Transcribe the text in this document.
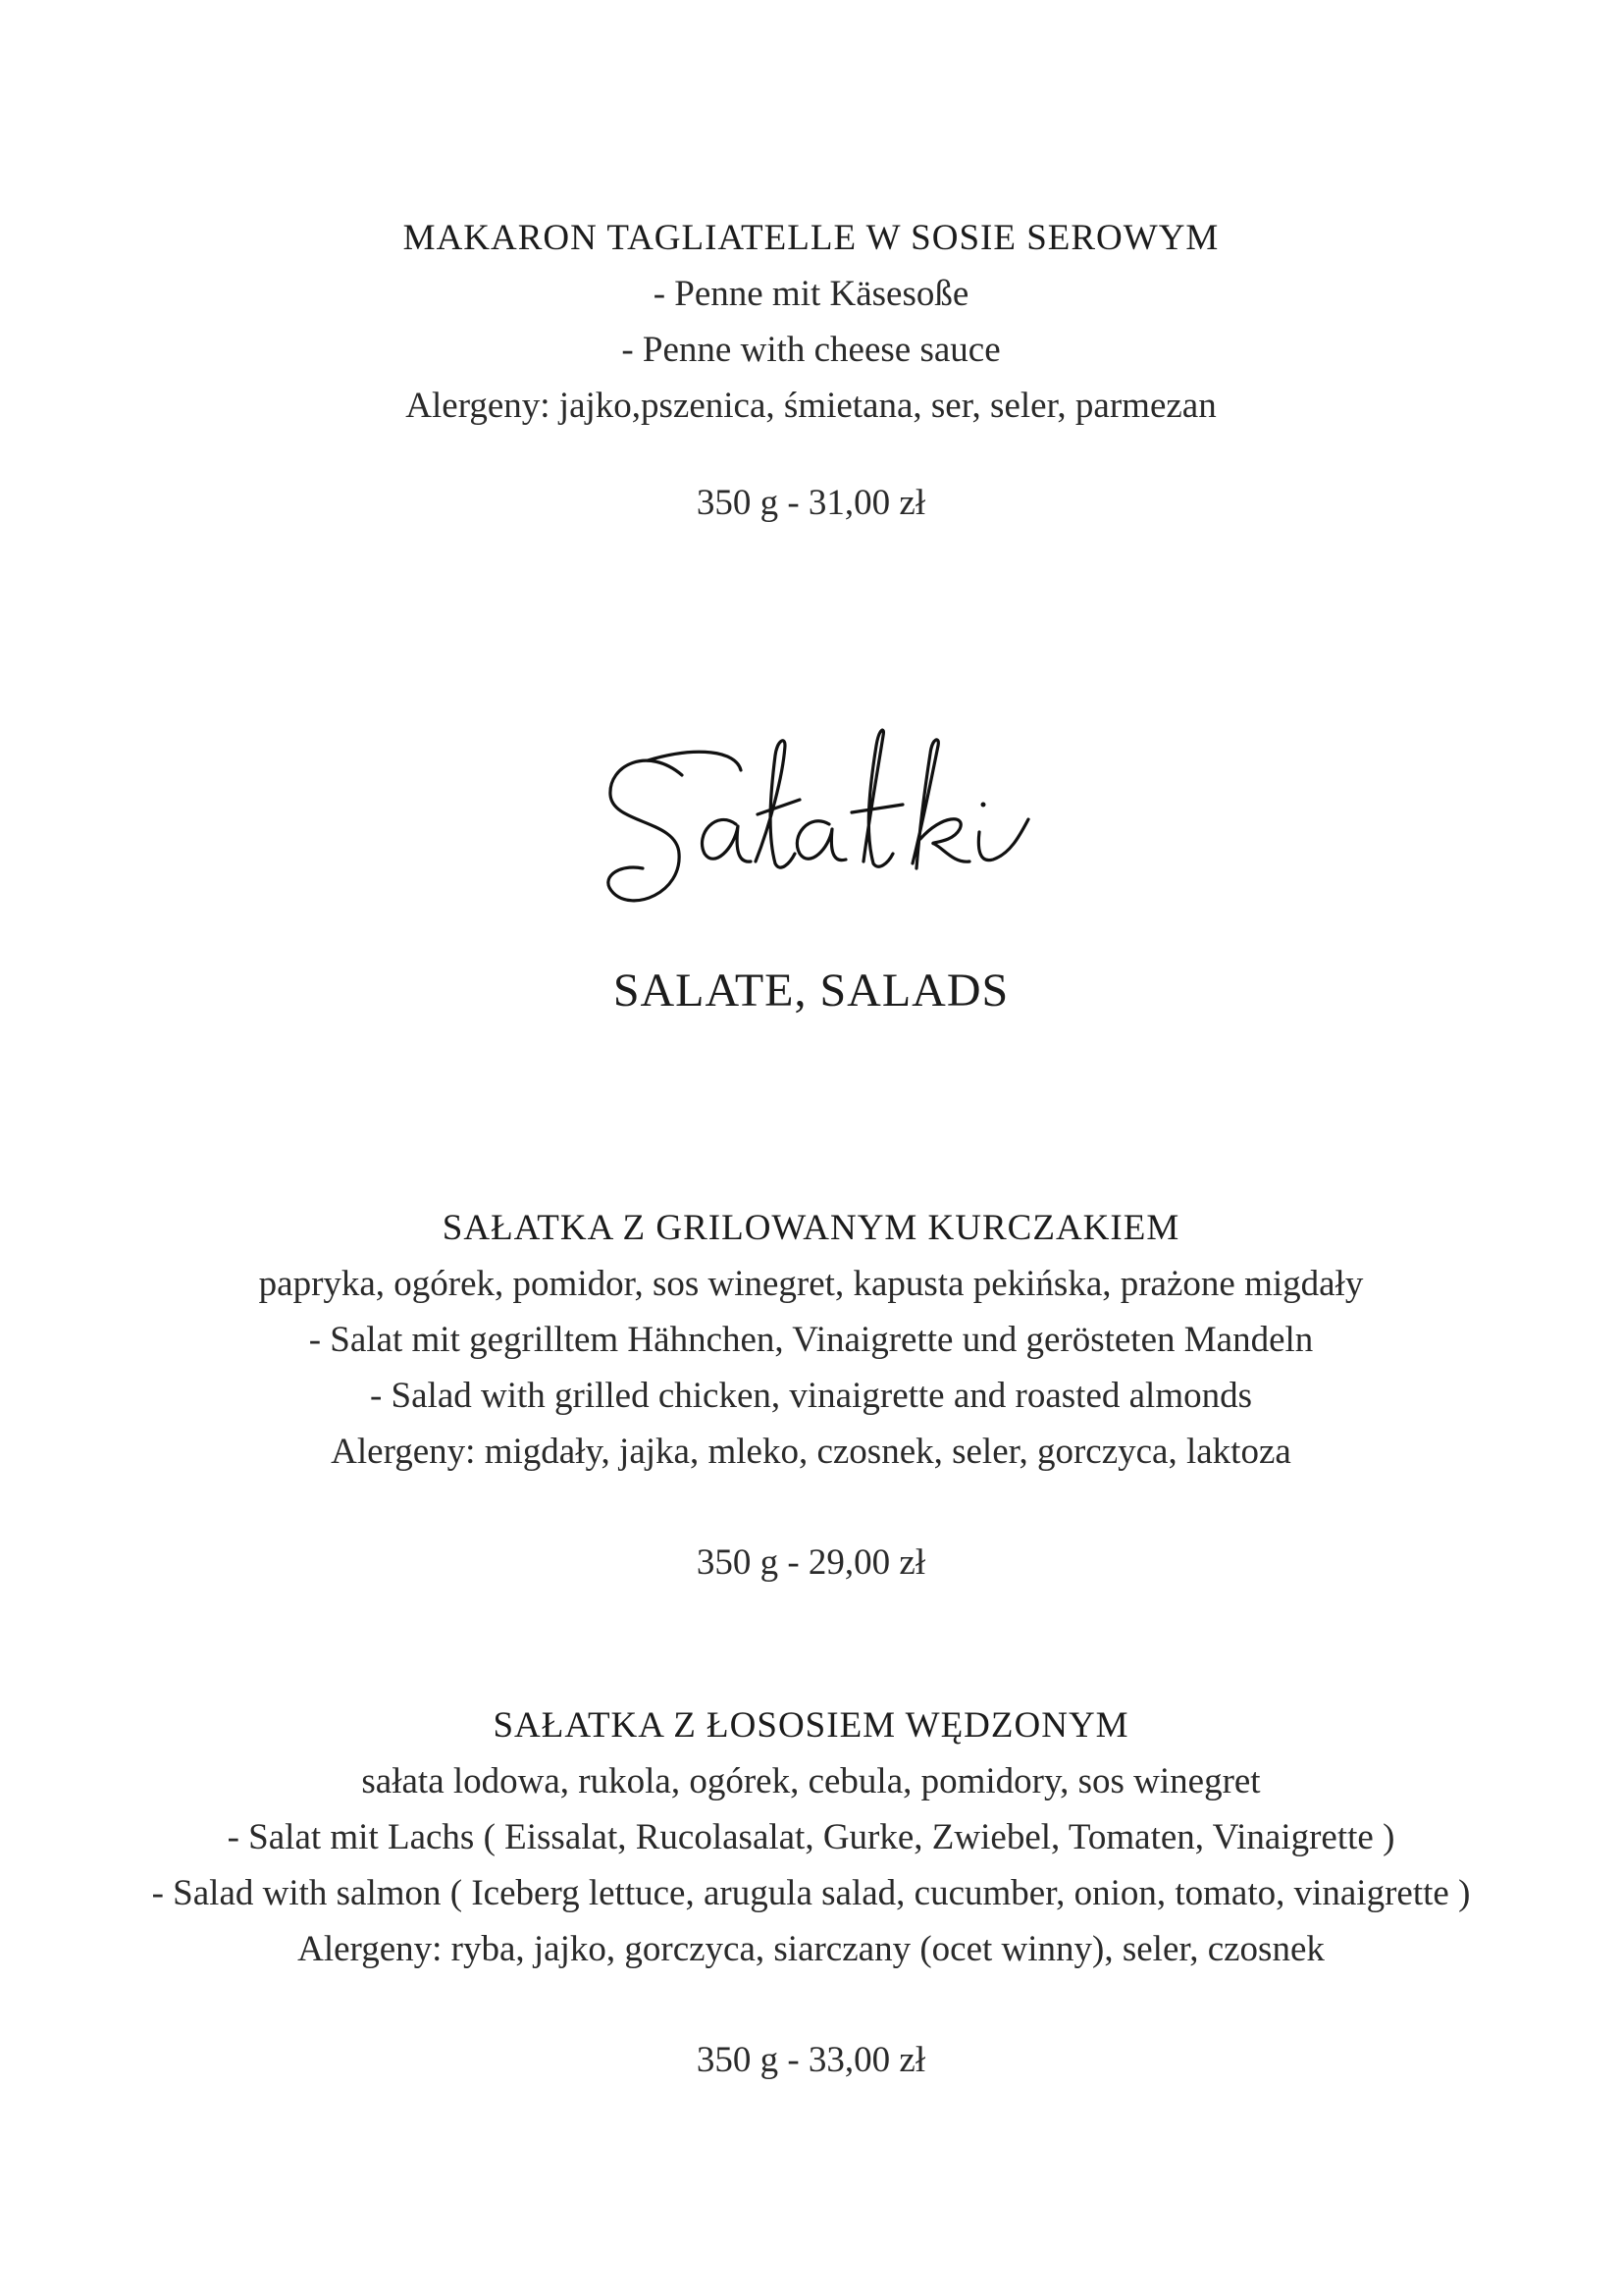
MAKARON TAGLIATELLE W SOSIE SEROWYM
- Penne mit Käsesoße
- Penne with cheese sauce
Alergeny: jajko,pszenica, śmietana, ser, seler, parmezan
350 g - 31,00 zł
SALATE, SALADS
SAŁATKA Z GRILOWANYM KURCZAKIEM
papryka, ogórek, pomidor, sos winegret, kapusta pekińska, prażone migdały
- Salat mit gegrilltem Hähnchen, Vinaigrette und gerösteten Mandeln
- Salad with grilled chicken, vinaigrette and roasted almonds
Alergeny: migdały, jajka, mleko, czosnek, seler, gorczyca, laktoza
350 g - 29,00 zł
SAŁATKA Z ŁOSOSIEM WĘDZONYM
sałata lodowa, rukola, ogórek, cebula, pomidory, sos winegret
- Salat mit Lachs ( Eissalat, Rucolasalat, Gurke, Zwiebel, Tomaten, Vinaigrette )
- Salad with salmon ( Iceberg lettuce, arugula salad, cucumber, onion, tomato, vinaigrette )
Alergeny: ryba, jajko, gorczyca, siarczany (ocet winny), seler, czosnek
350 g - 33,00 zł
